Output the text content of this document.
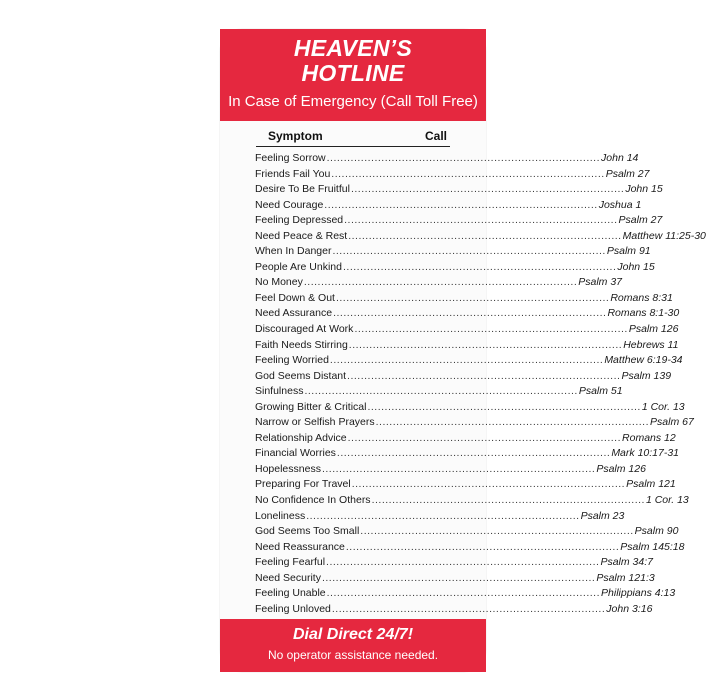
HEAVEN’S
HOTLINE
In Case of Emergency (Call Toll Free)
Symptom	Call
Feeling Sorrow ................................................................................ John 14
Friends Fail You ................................................................................ Psalm 27
Desire To Be Fruitful ................................................................................ John 15
Need Courage ................................................................................ Joshua 1
Feeling Depressed ................................................................................ Psalm 27
Need Peace & Rest ................................................................................ Matthew 11:25-30
When In Danger ................................................................................ Psalm 91
People Are Unkind ................................................................................ John 15
No Money ................................................................................ Psalm 37
Feel Down & Out ................................................................................ Romans 8:31
Need Assurance ................................................................................ Romans 8:1-30
Discouraged At Work ................................................................................ Psalm 126
Faith Needs Stirring ................................................................................ Hebrews 11
Feeling Worried ................................................................................ Matthew 6:19-34
God Seems Distant ................................................................................ Psalm 139
Sinfulness ................................................................................ Psalm 51
Growing Bitter & Critical ................................................................................ 1 Cor. 13
Narrow or Selfish Prayers ................................................................................ Psalm 67
Relationship Advice ................................................................................ Romans 12
Financial Worries ................................................................................ Mark 10:17-31
Hopelessness ................................................................................ Psalm 126
Preparing For Travel ................................................................................ Psalm 121
No Confidence In Others ................................................................................ 1 Cor. 13
Loneliness ................................................................................ Psalm 23
God Seems Too Small ................................................................................ Psalm 90
Need Reassurance ................................................................................ Psalm 145:18
Feeling Fearful ................................................................................ Psalm 34:7
Need Security ................................................................................ Psalm 121:3
Feeling Unable ................................................................................ Philippians 4:13
Feeling Unloved ................................................................................ John 3:16
Dial Direct 24/7!
No operator assistance needed.
